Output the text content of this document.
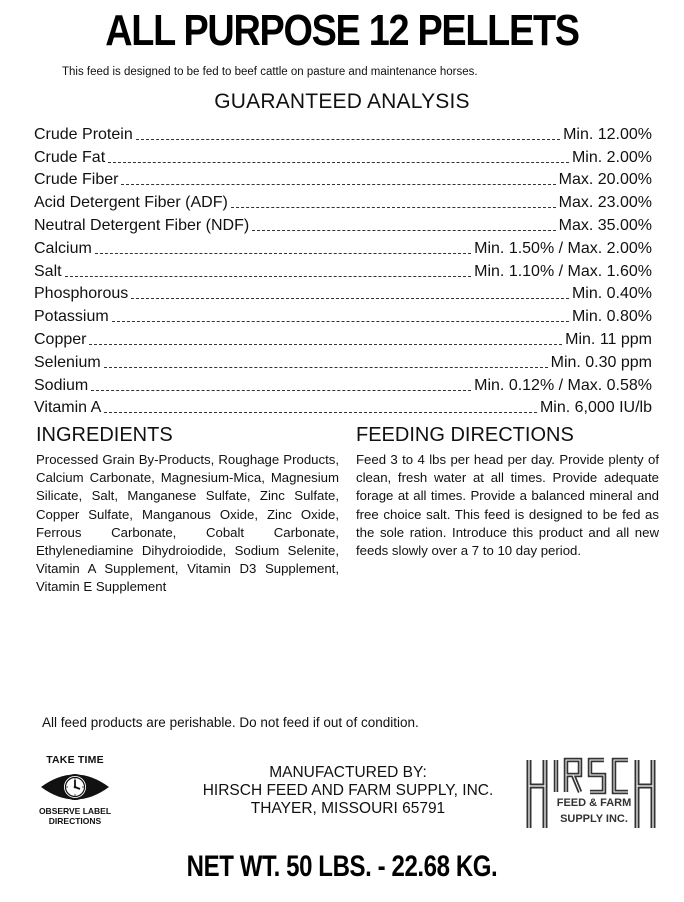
ALL PURPOSE 12 PELLETS
This feed is designed to be fed to beef cattle on pasture and maintenance horses.
GUARANTEED ANALYSIS
Crude Protein	Min. 12.00%
Crude Fat	Min. 2.00%
Crude Fiber	Max. 20.00%
Acid Detergent Fiber (ADF)	Max. 23.00%
Neutral Detergent Fiber (NDF)	Max. 35.00%
Calcium	Min. 1.50% / Max. 2.00%
Salt	Min. 1.10% / Max. 1.60%
Phosphorous	Min. 0.40%
Potassium	Min. 0.80%
Copper	Min. 11 ppm
Selenium	Min. 0.30 ppm
Sodium	Min. 0.12% / Max. 0.58%
Vitamin A	Min. 6,000 IU/lb
INGREDIENTS
Processed Grain By-Products, Roughage Products, Calcium Carbonate, Magnesium-Mica, Magnesium Silicate, Salt, Manganese Sulfate, Zinc Sulfate, Copper Sulfate, Manganous Oxide, Zinc Oxide, Ferrous Carbonate, Cobalt Carbonate, Ethylenediamine Dihydroiodide, Sodium Selenite, Vitamin A Supplement, Vitamin D3 Supplement, Vitamin E Supplement
FEEDING DIRECTIONS
Feed 3 to 4 lbs per head per day. Provide plenty of clean, fresh water at all times. Provide adequate forage at all times. Provide a balanced mineral and free choice salt. This feed is designed to be fed as the sole ration. Introduce this product and all new feeds slowly over a 7 to 10 day period.
All feed products are perishable. Do not feed if out of condition.
TAKE TIME
OBSERVE LABEL
DIRECTIONS
MANUFACTURED BY:
HIRSCH FEED AND FARM SUPPLY, INC.
THAYER, MISSOURI 65791	FEED & FARM
SUPPLY INC.
NET WT. 50 LBS. - 22.68 KG.
